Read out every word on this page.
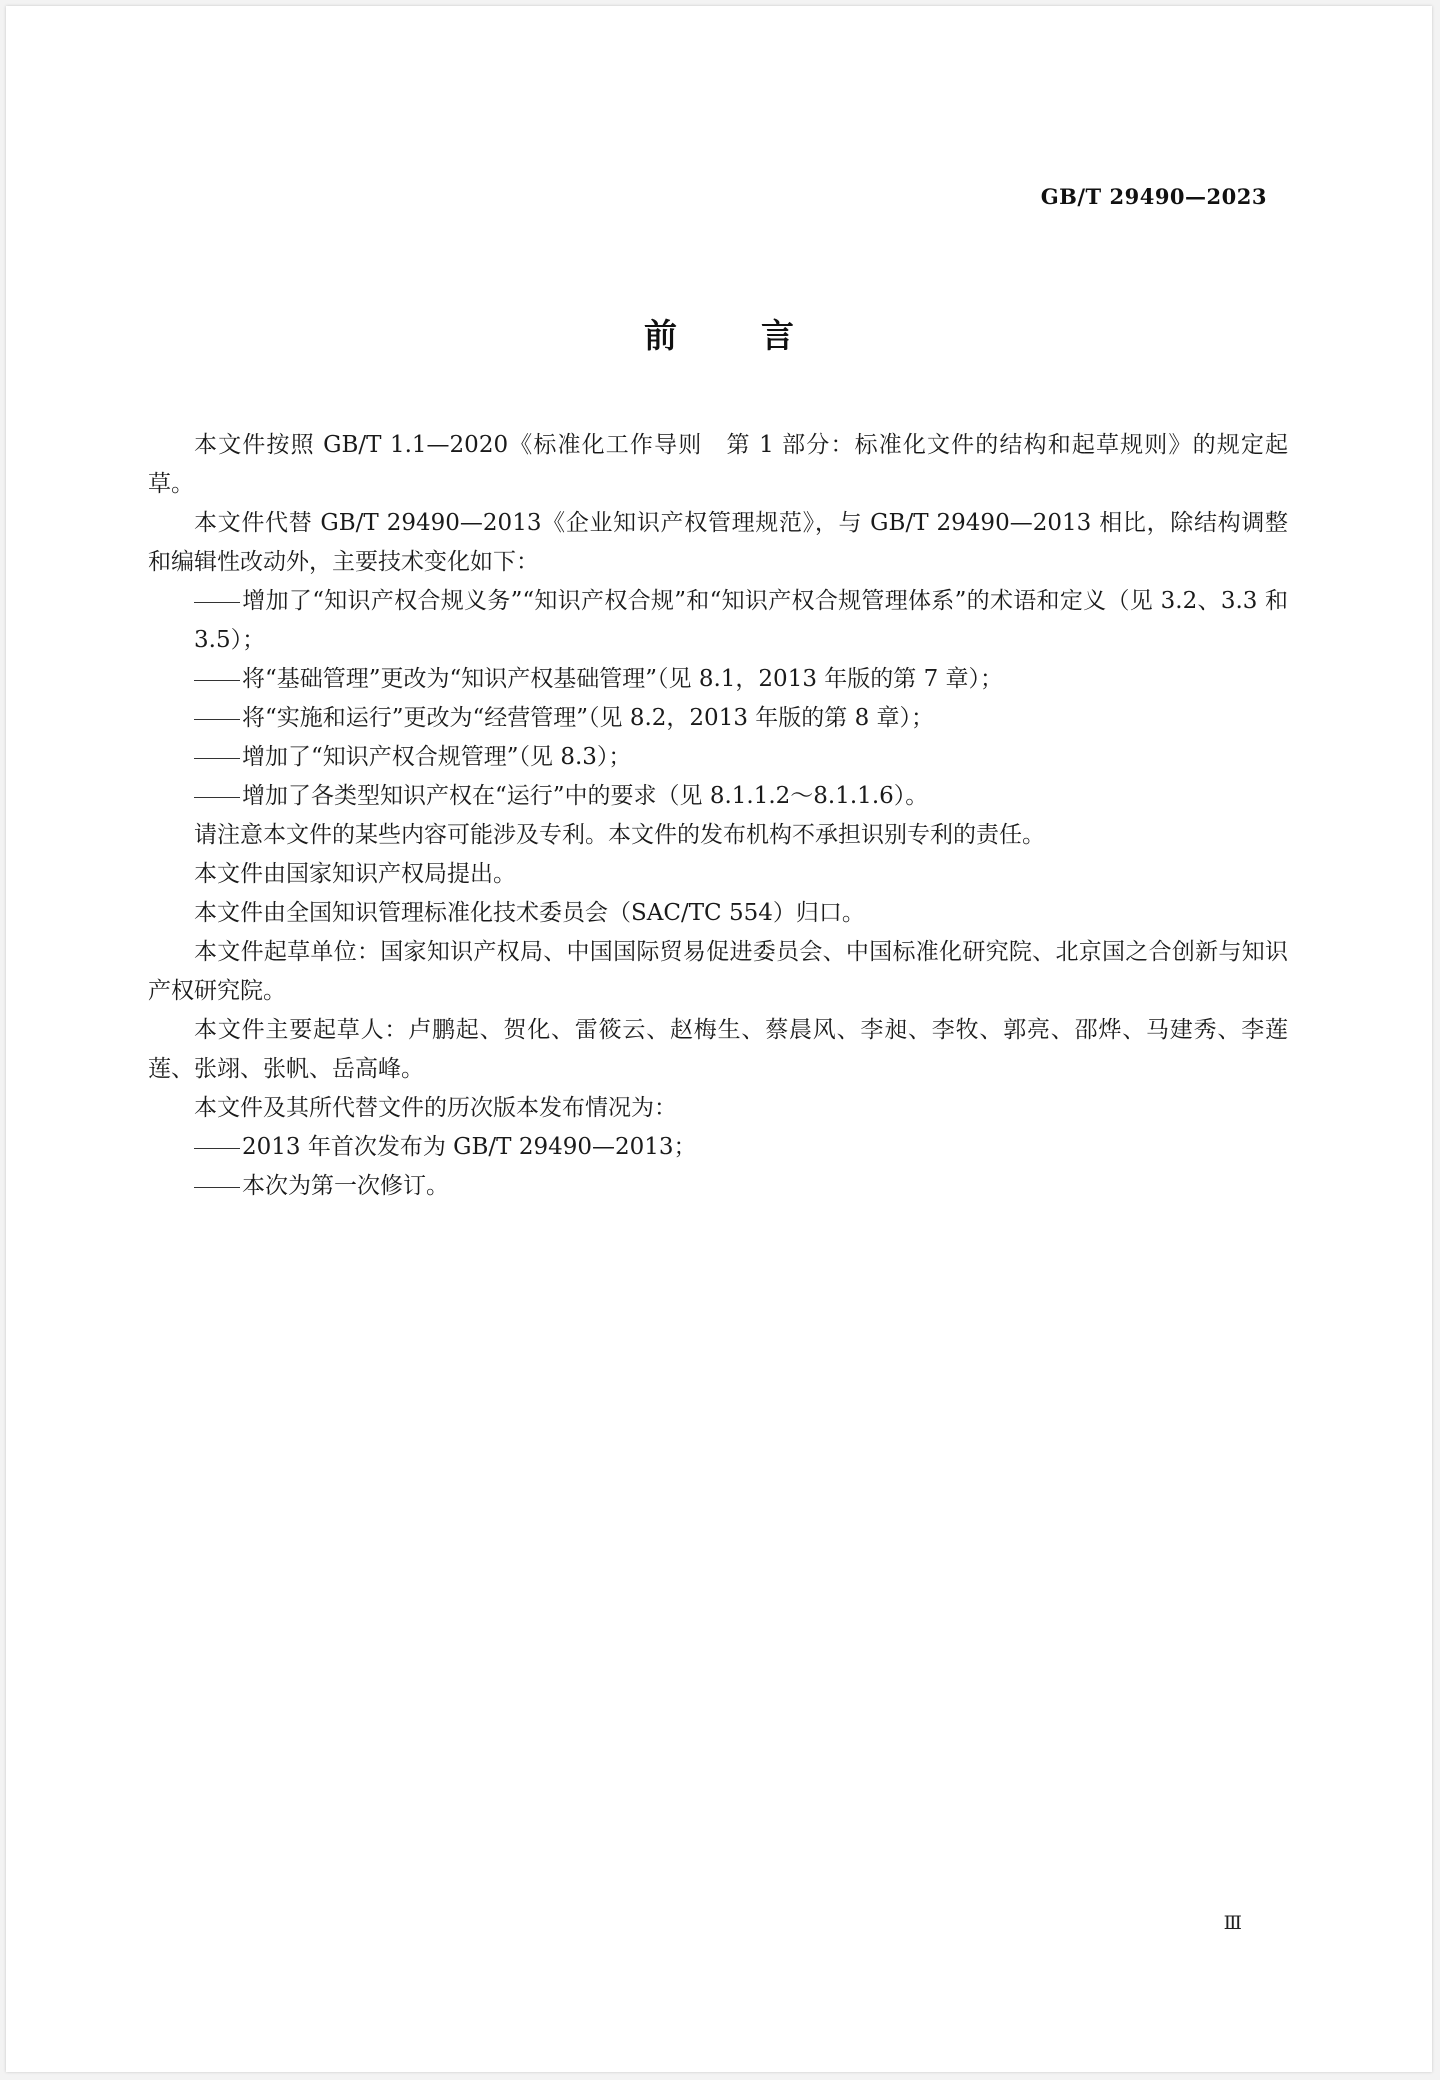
GB/T 29490—2023
前言

本文件按照 GB/T 1.1—2020《标准化工作导则　第 1 部分：标准化文件的结构和起草规则》的规定起草。

本文件代替 GB/T 29490—2013《企业知识产权管理规范》，与 GB/T 29490—2013 相比，除结构调整和编辑性改动外，主要技术变化如下：

增加了“知识产权合规义务”“知识产权合规”和“知识产权合规管理体系”的术语和定义（见 3.2、3.3 和 3.5）；

将“基础管理”更改为“知识产权基础管理”（见 8.1，2013 年版的第 7 章）；

将“实施和运行”更改为“经营管理”（见 8.2，2013 年版的第 8 章）；

增加了“知识产权合规管理”（见 8.3）；

增加了各类型知识产权在“运行”中的要求（见 8.1.1.2～8.1.1.6）。

请注意本文件的某些内容可能涉及专利。本文件的发布机构不承担识别专利的责任。

本文件由国家知识产权局提出。

本文件由全国知识管理标准化技术委员会（SAC/TC 554）归口。

本文件起草单位：国家知识产权局、中国国际贸易促进委员会、中国标准化研究院、北京国之合创新与知识产权研究院。

本文件主要起草人：卢鹏起、贺化、雷筱云、赵梅生、蔡晨风、李昶、李牧、郭亮、邵烨、马建秀、李莲莲、张翊、张帆、岳高峰。

本文件及其所代替文件的历次版本发布情况为：

2013 年首次发布为 GB/T 29490—2013；

本次为第一次修订。

Ⅲ
